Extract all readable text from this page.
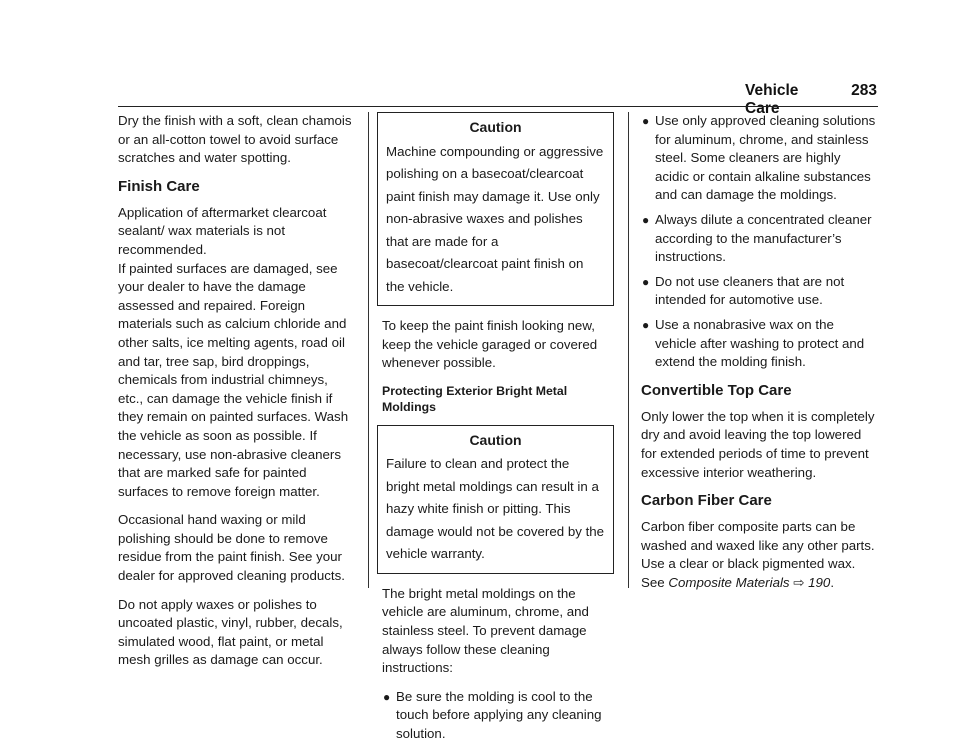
Vehicle Care
283

Dry the finish with a soft, clean chamois or an all-cotton towel to avoid surface scratches and water spotting.

Finish Care

Application of aftermarket clearcoat sealant/ wax materials is not recommended.

If painted surfaces are damaged, see your dealer to have the damage assessed and repaired. Foreign materials such as calcium chloride and other salts, ice melting agents, road oil and tar, tree sap, bird droppings, chemicals from industrial chimneys, etc., can damage the vehicle finish if they remain on painted surfaces. Wash the vehicle as soon as possible. If necessary, use non-abrasive cleaners that are marked safe for painted surfaces to remove foreign matter.

Occasional hand waxing or mild polishing should be done to remove residue from the paint finish. See your dealer for approved cleaning products.

Do not apply waxes or polishes to uncoated plastic, vinyl, rubber, decals, simulated wood, flat paint, or metal mesh grilles as damage can occur.

Caution
Machine compounding or aggressive polishing on a basecoat/clearcoat paint finish may damage it. Use only non-abrasive waxes and polishes that are made for a basecoat/clearcoat paint finish on the vehicle.

To keep the paint finish looking new, keep the vehicle garaged or covered whenever possible.

Protecting Exterior Bright Metal Moldings
Caution
Failure to clean and protect the bright metal moldings can result in a hazy white finish or pitting. This damage would not be covered by the vehicle warranty.

The bright metal moldings on the vehicle are aluminum, chrome, and stainless steel. To prevent damage always follow these cleaning instructions:

● Be sure the molding is cool to the touch before applying any cleaning solution.
● Use only approved cleaning solutions for aluminum, chrome, and stainless steel. Some cleaners are highly acidic or contain alkaline substances and can damage the moldings.
● Always dilute a concentrated cleaner according to the manufacturer’s instructions.
● Do not use cleaners that are not intended for automotive use.
● Use a nonabrasive wax on the vehicle after washing to protect and extend the molding finish.
Convertible Top Care

Only lower the top when it is completely dry and avoid leaving the top lowered for extended periods of time to prevent excessive interior weathering.

Carbon Fiber Care

Carbon fiber composite parts can be washed and waxed like any other parts. Use a clear or black pigmented wax. See Composite Materials ⇨ 190.
